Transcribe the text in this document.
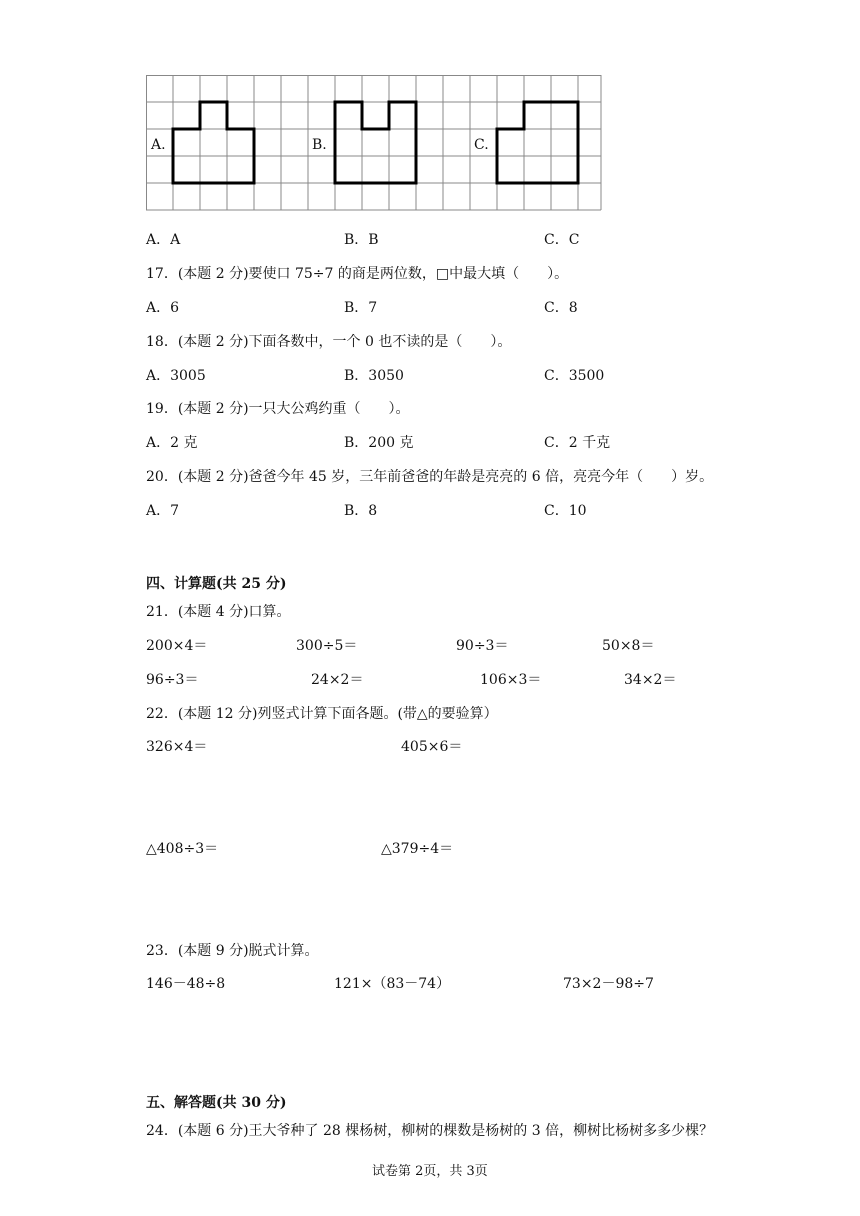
A.	B.	C.
A．A	B．B	C．C
17．(本题 2 分)要使口 75÷7 的商是两位数，□中最大填（　　）。
A．6	B．7	C．8
18．(本题 2 分)下面各数中，一个 0 也不读的是（　　）。
A．3005	B．3050	C．3500
19．(本题 2 分)一只大公鸡约重（　　）。
A．2 克	B．200 克	C．2 千克
20．(本题 2 分)爸爸今年 45 岁，三年前爸爸的年龄是亮亮的 6 倍，亮亮今年（　　）岁。
A．7	B．8	C．10
四、计算题(共 25 分)
21．(本题 4 分)口算。
200×4＝	300÷5＝	90÷3＝	50×8＝
96÷3＝	24×2＝	106×3＝	34×2＝
22．(本题 12 分)列竖式计算下面各题。(带△的要验算）
326×4＝	405×6＝
△408÷3＝	△379÷4＝
23．(本题 9 分)脱式计算。
146－48÷8	121×（83－74）	73×2－98÷7
五、解答题(共 30 分)
24．(本题 6 分)王大爷种了 28 棵杨树，柳树的棵数是杨树的 3 倍，柳树比杨树多多少棵？
试卷第 2页，共 3页
